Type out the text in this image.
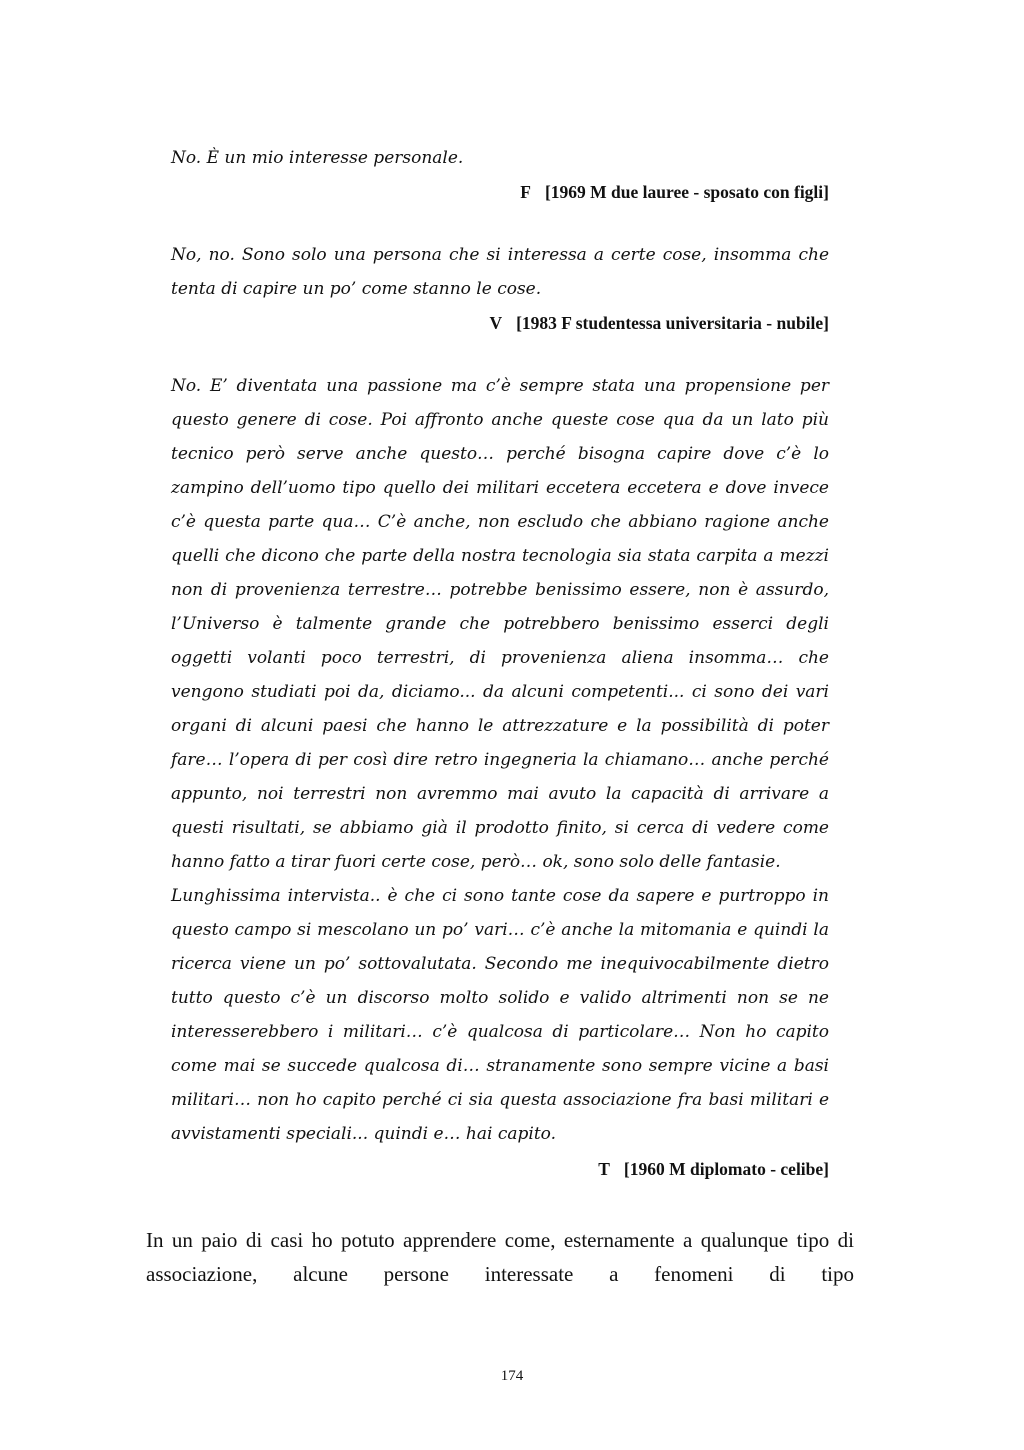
No. È un mio interesse personale.

F [1969 M due lauree - sposato con figli]

No, no. Sono solo una persona che si interessa a certe cose, insomma che tenta di capire un po’ come stanno le cose.

V [1983 F studentessa universitaria - nubile]

No. E’ diventata una passione ma c’è sempre stata una propensione per questo genere di cose. Poi affronto anche queste cose qua da un lato più tecnico però serve anche questo… perché bisogna capire dove c’è lo zampino dell’uomo tipo quello dei militari eccetera eccetera e dove invece c’è questa parte qua… C’è anche, non escludo che abbiano ragione anche quelli che dicono che parte della nostra tecnologia sia stata carpita a mezzi non di provenienza terrestre… potrebbe benissimo essere, non è assurdo, l’Universo è talmente grande che potrebbero benissimo esserci degli oggetti volanti poco terrestri, di provenienza aliena insomma… che vengono studiati poi da, diciamo... da alcuni competenti... ci sono dei vari organi di alcuni paesi che hanno le attrezzature e la possibilità di poter fare… l’opera di per così dire retro ingegneria la chiamano… anche perché appunto, noi terrestri non avremmo mai avuto la capacità di arrivare a questi risultati, se abbiamo già il prodotto finito, si cerca di vedere come hanno fatto a tirar fuori certe cose, però… ok, sono solo delle fantasie.

Lunghissima intervista.. è che ci sono tante cose da sapere e purtroppo in questo campo si mescolano un po’ vari… c’è anche la mitomania e quindi la ricerca viene un po’ sottovalutata. Secondo me inequivocabilmente dietro tutto questo c’è un discorso molto solido e valido altrimenti non se ne interesserebbero i militari… c’è qualcosa di particolare… Non ho capito come mai se succede qualcosa di… stranamente sono sempre vicine a basi militari… non ho capito perché ci sia questa associazione fra basi militari e avvistamenti speciali... quindi e… hai capito.

T [1960 M diplomato - celibe]

In un paio di casi ho potuto apprendere come, esternamente a qualunque tipo di associazione, alcune persone interessate a fenomeni di tipo

174
